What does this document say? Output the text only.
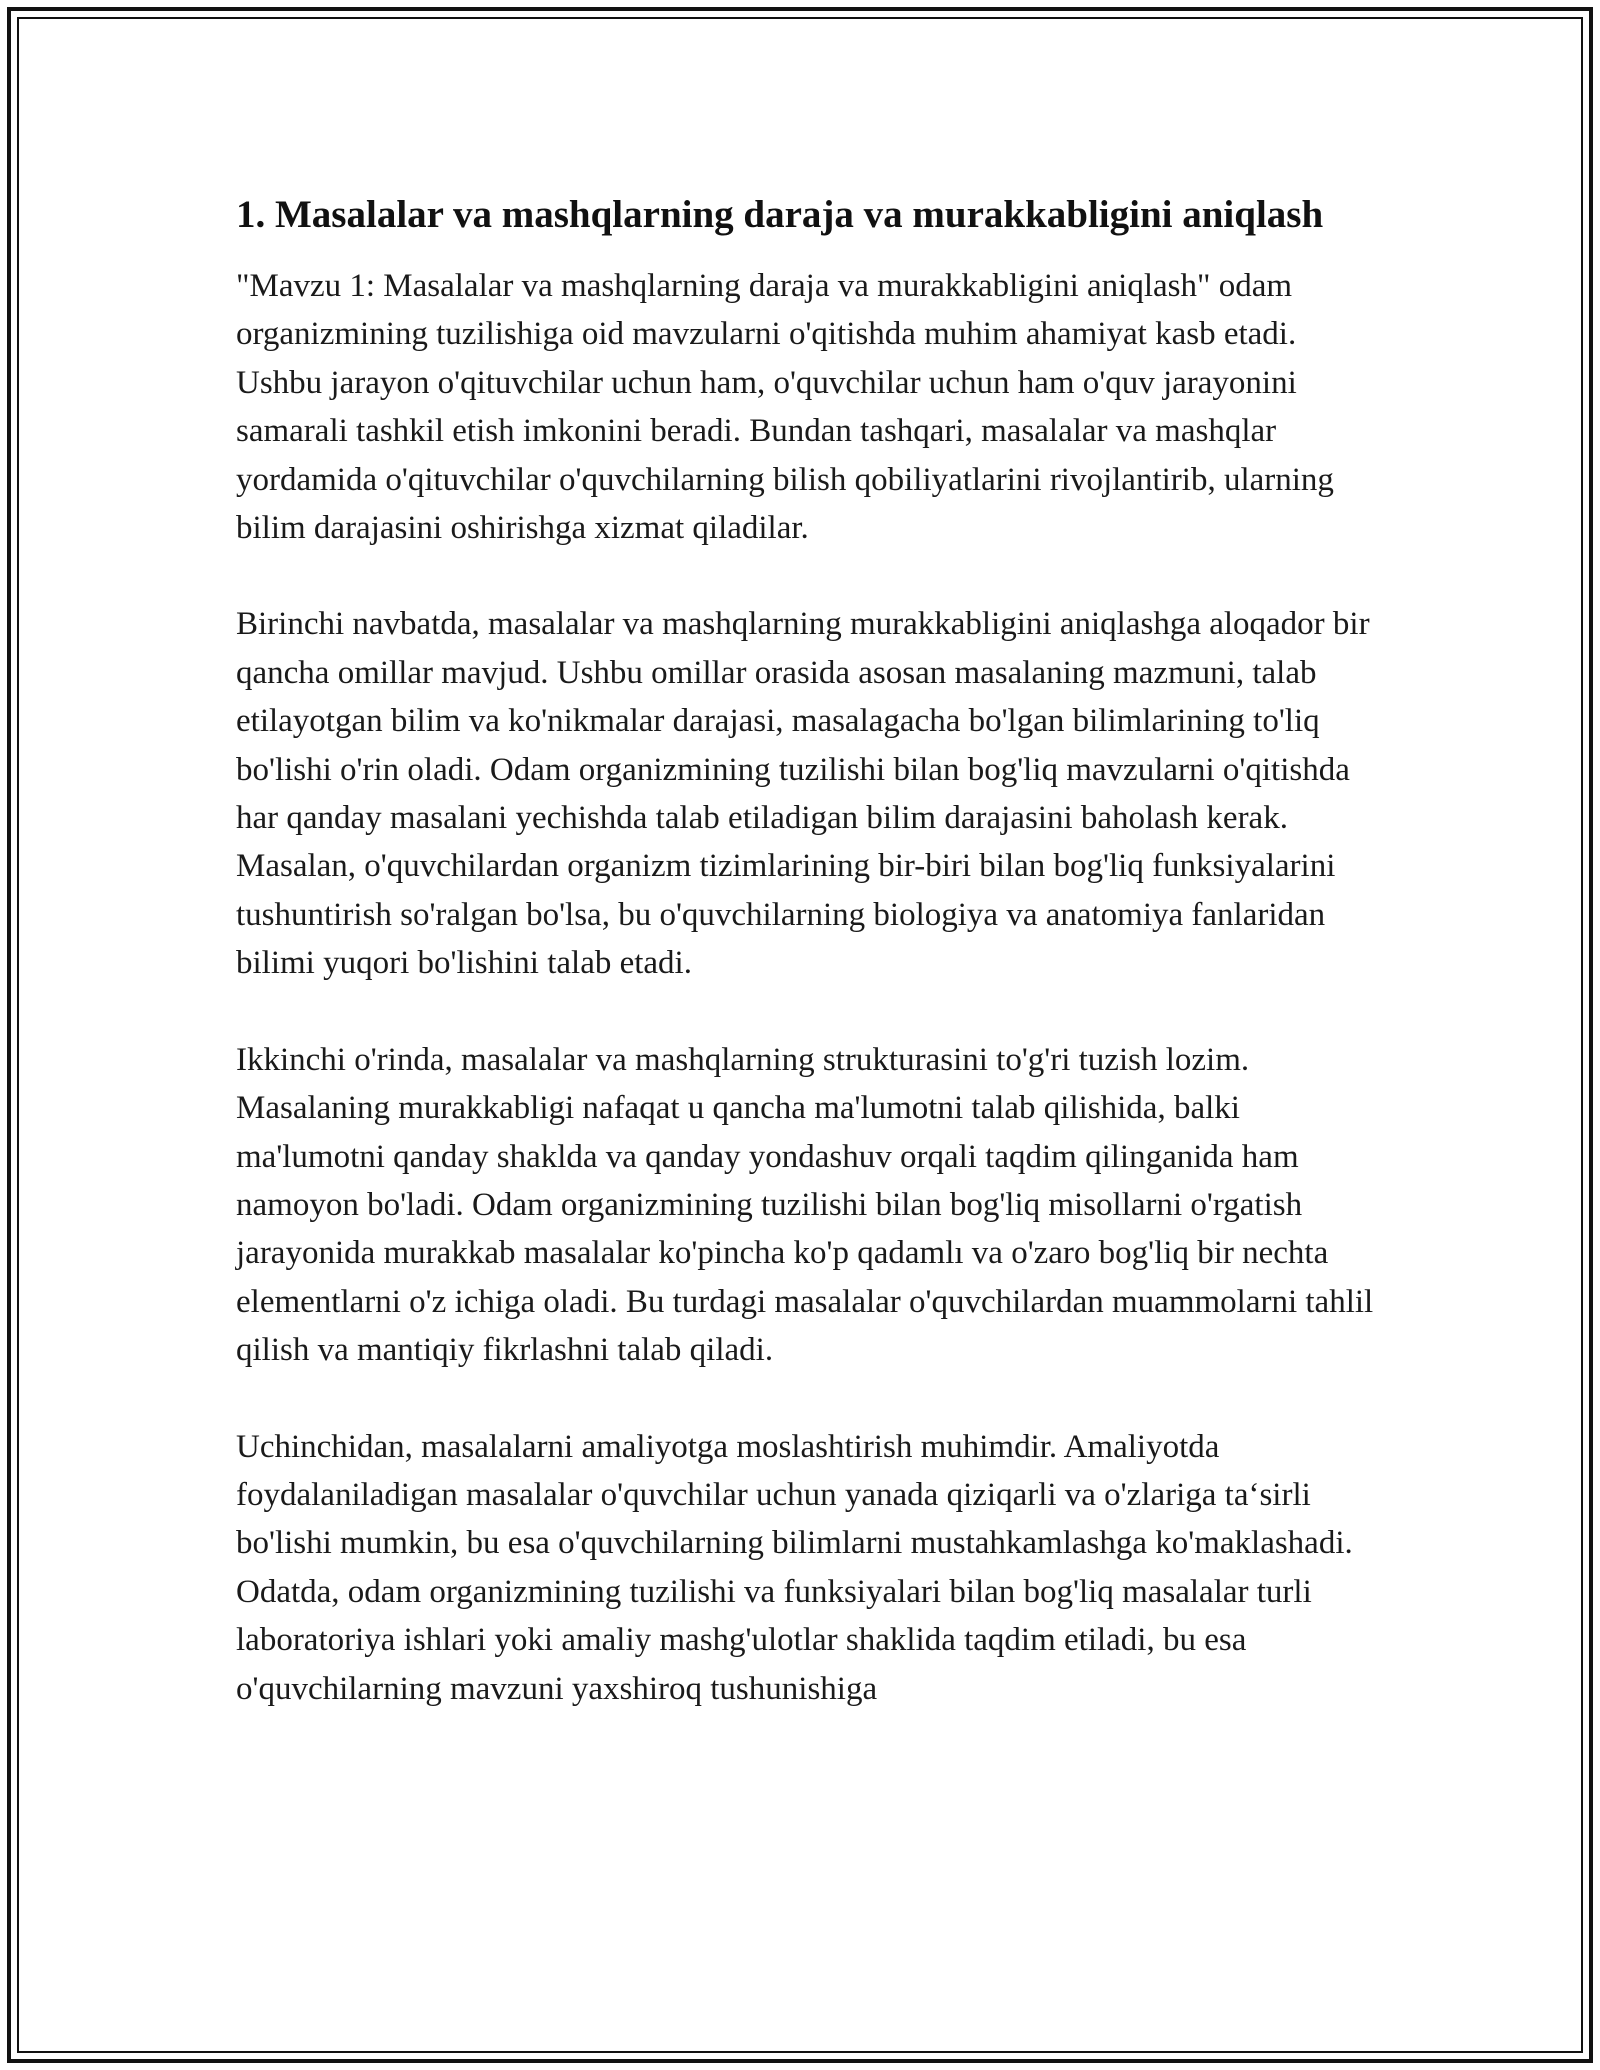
1. Masalalar va mashqlarning daraja va murakkabligini aniqlash

"Mavzu 1: Masalalar va mashqlarning daraja va murakkabligini aniqlash" odam organizmining tuzilishiga oid mavzularni o'qitishda muhim ahamiyat kasb etadi. Ushbu jarayon o'qituvchilar uchun ham, o'quvchilar uchun ham o'quv jarayonini samarali tashkil etish imkonini beradi. Bundan tashqari, masalalar va mashqlar yordamida o'qituvchilar o'quvchilarning bilish qobiliyatlarini rivojlantirib, ularning bilim darajasini oshirishga xizmat qiladilar.

Birinchi navbatda, masalalar va mashqlarning murakkabligini aniqlashga aloqador bir qancha omillar mavjud. Ushbu omillar orasida asosan masalaning mazmuni, talab etilayotgan bilim va ko'nikmalar darajasi, masalagacha bo'lgan bilimlarining to'liq bo'lishi o'rin oladi. Odam organizmining tuzilishi bilan bog'liq mavzularni o'qitishda har qanday masalani yechishda talab etiladigan bilim darajasini baholash kerak. Masalan, o'quvchilardan organizm tizimlarining bir-biri bilan bog'liq funksiyalarini tushuntirish so'ralgan bo'lsa, bu o'quvchilarning biologiya va anatomiya fanlaridan bilimi yuqori bo'lishini talab etadi.

Ikkinchi o'rinda, masalalar va mashqlarning strukturasini to'g'ri tuzish lozim. Masalaning murakkabligi nafaqat u qancha ma'lumotni talab qilishida, balki ma'lumotni qanday shaklda va qanday yondashuv orqali taqdim qilinganida ham namoyon bo'ladi. Odam organizmining tuzilishi bilan bog'liq misollarni o'rgatish jarayonida murakkab masalalar ko'pincha ko'p qadamlı va o'zaro bog'liq bir nechta elementlarni o'z ichiga oladi. Bu turdagi masalalar o'quvchilardan muammolarni tahlil qilish va mantiqiy fikrlashni talab qiladi.

Uchinchidan, masalalarni amaliyotga moslashtirish muhimdir. Amaliyotda foydalaniladigan masalalar o'quvchilar uchun yanada qiziqarli va o'zlariga ta‘sirli bo'lishi mumkin, bu esa o'quvchilarning bilimlarni mustahkamlashga ko'maklashadi. Odatda, odam organizmining tuzilishi va funksiyalari bilan bog'liq masalalar turli laboratoriya ishlari yoki amaliy mashg'ulotlar shaklida taqdim etiladi, bu esa o'quvchilarning mavzuni yaxshiroq tushunishiga
